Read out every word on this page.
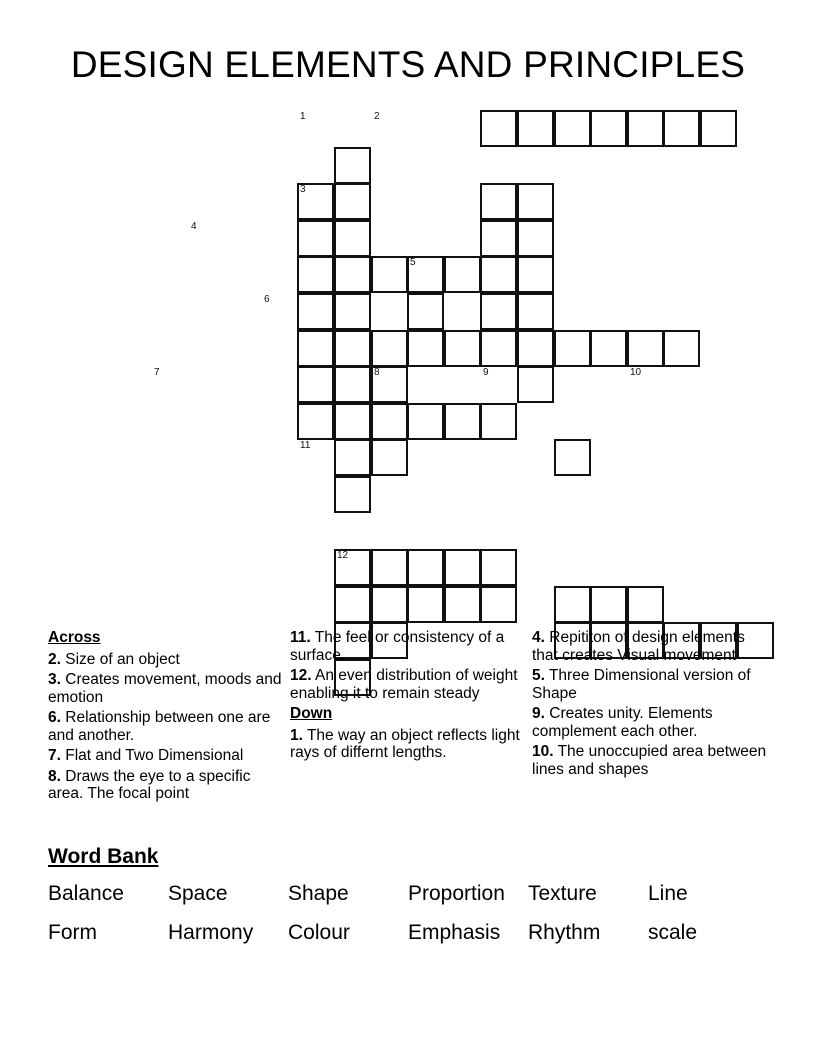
DESIGN ELEMENTS AND PRINCIPLES
1	2
3
4
5
6
7	8	9	10
11
12
Across
2. Size of an object
3. Creates movement, moods and emotion
6. Relationship between one are and another.
7. Flat and Two Dimensional
8. Draws the eye to a specific area. The focal point
11. The feel or consistency of a surface.
12. An even distribution of weight enabling it to remain steady
Down
1. The way an object reflects light rays of differnt lengths.
4. Repititon of design elements that creates Visual movement
5. Three Dimensional version of Shape
9. Creates unity. Elements complement each other.
10. The unoccupied area between lines and shapes
Word Bank
Balance	Space	Shape	Proportion	Texture	Line
Form	Harmony	Colour	Emphasis	Rhythm	scale
